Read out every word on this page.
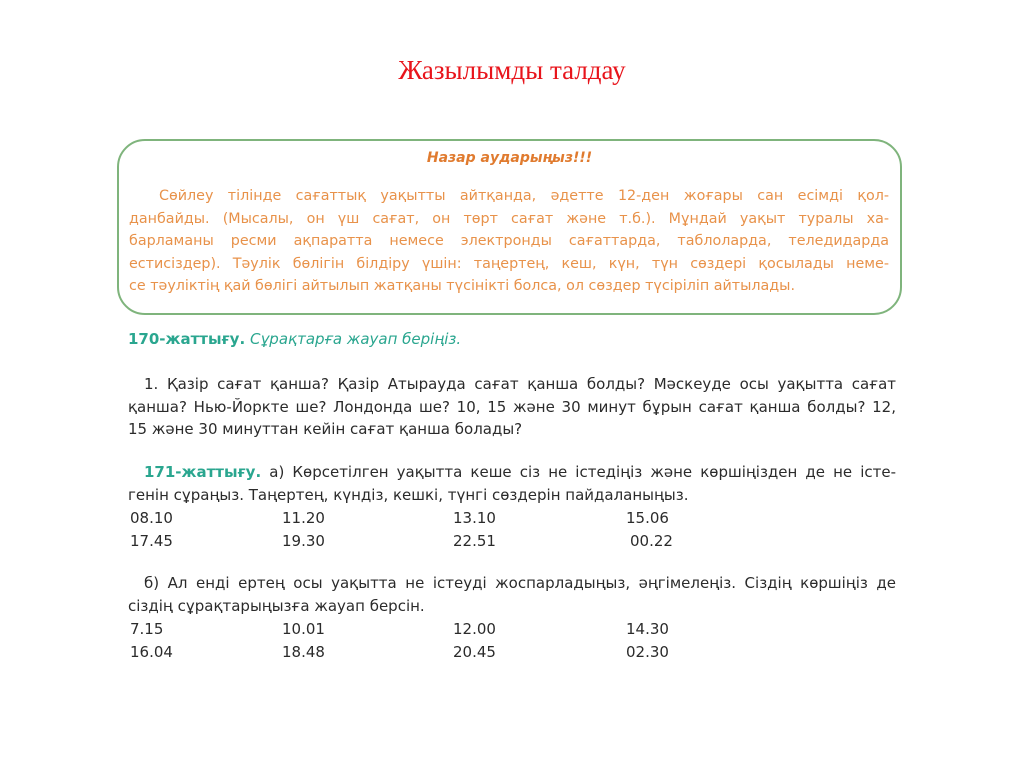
Жазылымды талдау
Назар аударыңыз!!!
Сөйлеу тілінде сағаттық уақытты айтқанда, әдетте 12-ден жоғары сан есімді қол-
данбайды. (Мысалы, он үш сағат, он төрт сағат және т.б.). Мұндай уақыт туралы ха-
барламаны ресми ақпаратта немесе электронды сағаттарда, таблоларда, теледидарда
естисіздер). Тәулік бөлігін білдіру үшін: таңертең, кеш, күн, түн сөздері қосылады неме-
се тәуліктің қай бөлігі айтылып жатқаны түсінікті болса, ол сөздер түсіріліп айтылады.
170-жаттығу. Сұрақтарға жауап беріңіз.
1. Қазір сағат қанша? Қазір Атырауда сағат қанша болды? Мәскеуде осы уақытта сағат
қанша? Нью-Йоркте ше? Лондонда ше? 10, 15 және 30 минут бұрын сағат қанша болды? 12,
15 және 30 минуттан кейін сағат қанша болады?
171-жаттығу. а) Көрсетілген уақытта кеше сіз не істедіңіз және көршіңізден де не істе-
генін сұраңыз. Таңертең, күндіз, кешкі, түнгі сөздерін пайдаланыңыз.
08.10	11.20	13.10	15.06
17.45	19.30	22.51	00.22
б) Ал енді ертең осы уақытта не істеуді жоспарладыңыз, әңгімелеңіз. Сіздің көршіңіз де
сіздің сұрақтарыңызға жауап берсін.
7.15	10.01	12.00	14.30
16.04	18.48	20.45	02.30
